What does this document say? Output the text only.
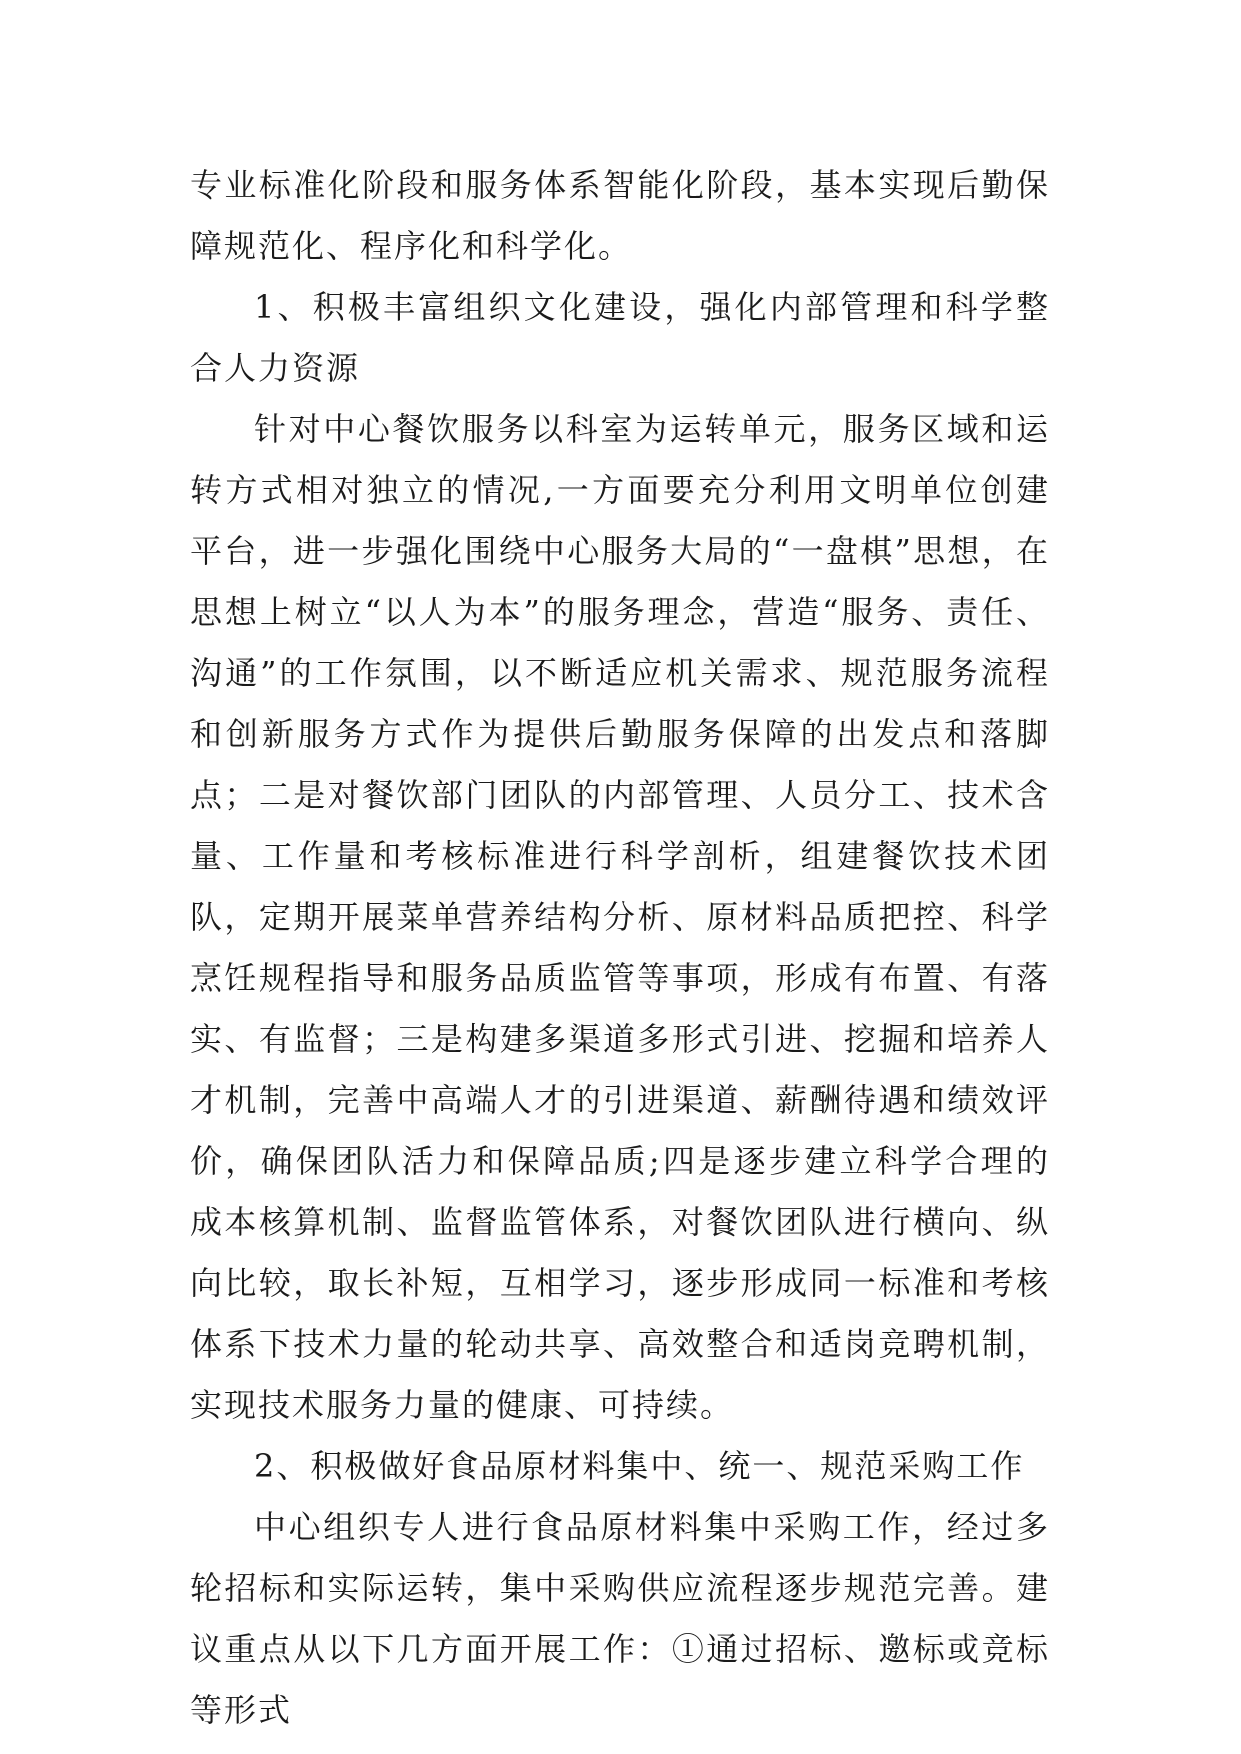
专业标准化阶段和服务体系智能化阶段，基本实现后勤保障规范化、程序化和科学化。

1、积极丰富组织文化建设，强化内部管理和科学整合人力资源

针对中心餐饮服务以科室为运转单元，服务区域和运转方式相对独立的情况,一方面要充分利用文明单位创建平台，进一步强化围绕中心服务大局的“一盘棋”思想，在思想上树立“以人为本”的服务理念，营造“服务、责任、沟通”的工作氛围，以不断适应机关需求、规范服务流程和创新服务方式作为提供后勤服务保障的出发点和落脚点；二是对餐饮部门团队的内部管理、人员分工、技术含量、工作量和考核标准进行科学剖析，组建餐饮技术团队，定期开展菜单营养结构分析、原材料品质把控、科学烹饪规程指导和服务品质监管等事项，形成有布置、有落实、有监督；三是构建多渠道多形式引进、挖掘和培养人才机制，完善中高端人才的引进渠道、薪酬待遇和绩效评价，确保团队活力和保障品质;四是逐步建立科学合理的成本核算机制、监督监管体系，对餐饮团队进行横向、纵向比较，取长补短，互相学习，逐步形成同一标准和考核体系下技术力量的轮动共享、高效整合和适岗竞聘机制，实现技术服务力量的健康、可持续。

2、积极做好食品原材料集中、统一、规范采购工作

中心组织专人进行食品原材料集中采购工作，经过多轮招标和实际运转，集中采购供应流程逐步规范完善。建议重点从以下几方面开展工作：①通过招标、邀标或竞标等形式
